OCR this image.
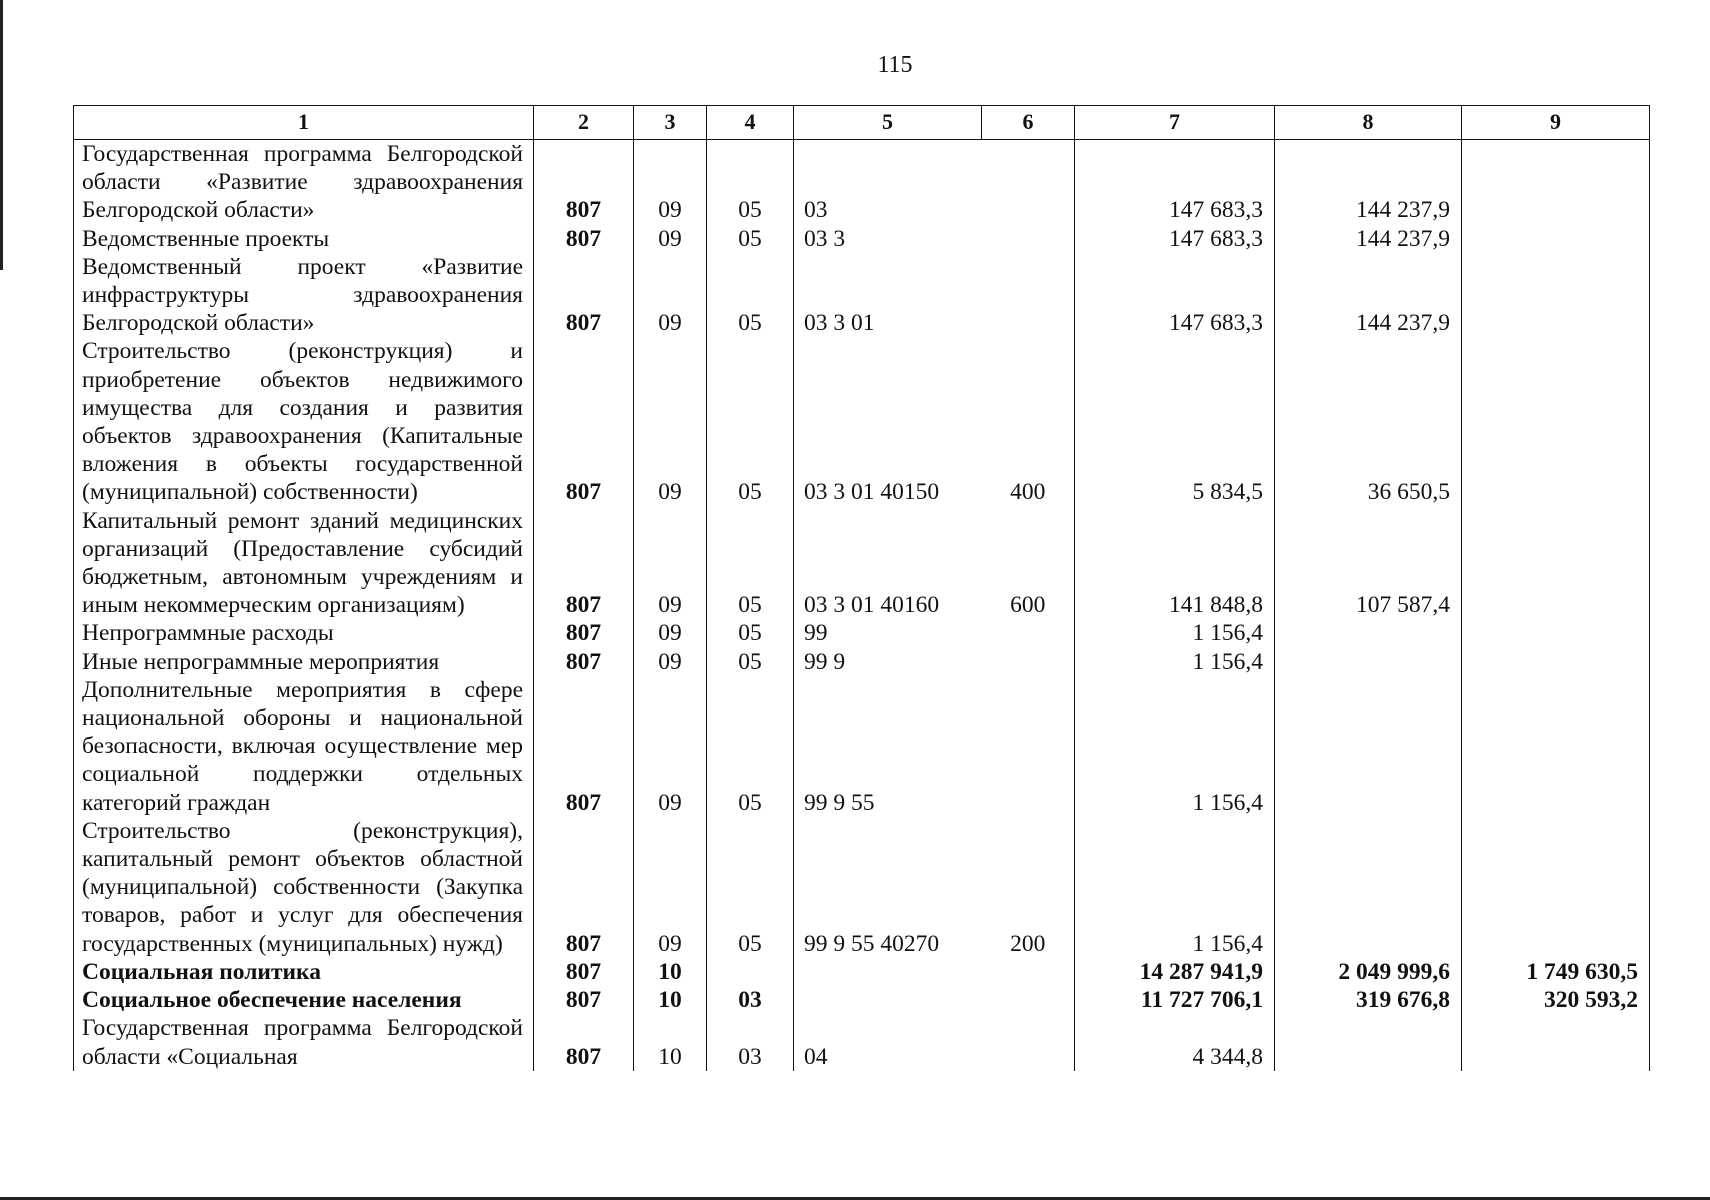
115
1	2	3	4	5	6	7	8	9
Государственная программа Белгородской области «Развитие здравоохранения Белгородской области»	807	09	05	03		147 683,3	144 237,9	
Ведомственные проекты	807	09	05	03 3		147 683,3	144 237,9	
Ведомственный проект «Развитие инфраструктуры здравоохранения Белгородской области»	807	09	05	03 3 01		147 683,3	144 237,9	
Строительство (реконструкция) и приобретение объектов недвижимого имущества для создания и развития объектов здравоохранения (Капитальные вложения в объекты государственной (муниципальной) собственности)	807	09	05	03 3 01 40150	400	5 834,5	36 650,5	
Капитальный ремонт зданий медицинских организаций (Предоставление субсидий бюджетным, автономным учреждениям и иным некоммерческим организациям)	807	09	05	03 3 01 40160	600	141 848,8	107 587,4	
Непрограммные расходы	807	09	05	99		1 156,4		
Иные непрограммные мероприятия	807	09	05	99 9		1 156,4		
Дополнительные мероприятия в сфере национальной обороны и национальной безопасности, включая осуществление мер социальной поддержки отдельных категорий граждан	807	09	05	99 9 55		1 156,4		
Строительство (реконструкция), капитальный ремонт объектов областной (муниципальной) собственности (Закупка товаров, работ и услуг для обеспечения государственных (муниципальных) нужд)	807	09	05	99 9 55 40270	200	1 156,4		
Социальная политика	807	10				14 287 941,9	2 049 999,6	1 749 630,5
Социальное обеспечение населения	807	10	03			11 727 706,1	319 676,8	320 593,2
Государственная программа Белгородской области «Социальная	807	10	03	04		4 344,8		
